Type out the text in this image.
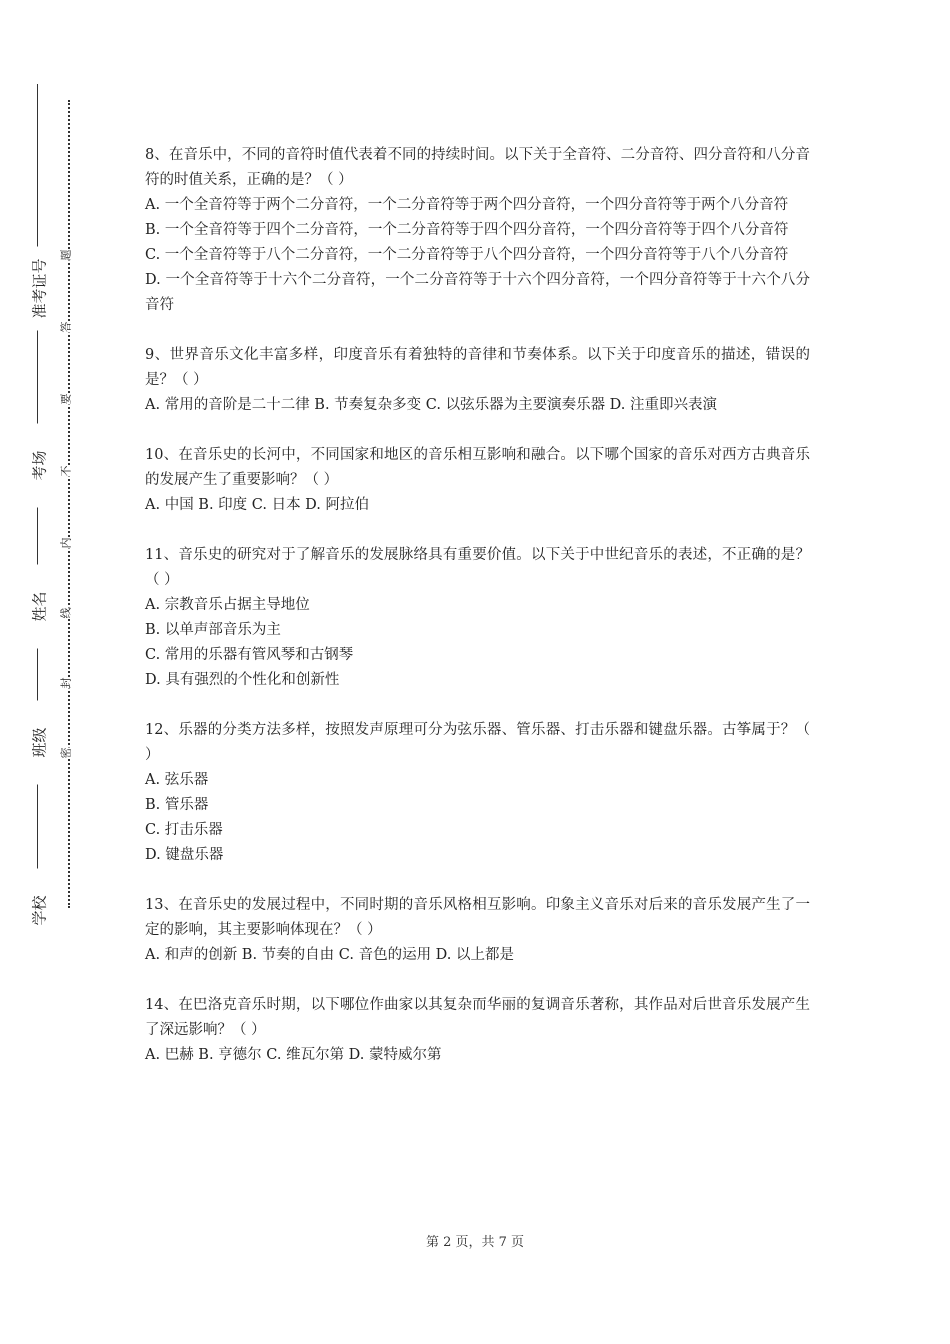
准考证号
考场
姓名
班级
学校
题
答
要
不
内
线
封
密

8、在音乐中，不同的音符时值代表着不同的持续时间。以下关于全音符、二分音符、四分音符和八分音符的时值关系，正确的是？（ ）

A. 一个全音符等于两个二分音符，一个二分音符等于两个四分音符，一个四分音符等于两个八分音符

B. 一个全音符等于四个二分音符，一个二分音符等于四个四分音符，一个四分音符等于四个八分音符

C. 一个全音符等于八个二分音符，一个二分音符等于八个四分音符，一个四分音符等于八个八分音符

D. 一个全音符等于十六个二分音符，一个二分音符等于十六个四分音符，一个四分音符等于十六个八分音符

9、世界音乐文化丰富多样，印度音乐有着独特的音律和节奏体系。以下关于印度音乐的描述，错误的是？（ ）

A. 常用的音阶是二十二律 B. 节奏复杂多变 C. 以弦乐器为主要演奏乐器 D. 注重即兴表演

10、在音乐史的长河中，不同国家和地区的音乐相互影响和融合。以下哪个国家的音乐对西方古典音乐的发展产生了重要影响？（ ）

A. 中国 B. 印度 C. 日本 D. 阿拉伯

11、音乐史的研究对于了解音乐的发展脉络具有重要价值。以下关于中世纪音乐的表述，不正确的是？（ ）

A. 宗教音乐占据主导地位

B. 以单声部音乐为主

C. 常用的乐器有管风琴和古钢琴

D. 具有强烈的个性化和创新性

12、乐器的分类方法多样，按照发声原理可分为弦乐器、管乐器、打击乐器和键盘乐器。古筝属于？（ ）

A. 弦乐器

B. 管乐器

C. 打击乐器

D. 键盘乐器

13、在音乐史的发展过程中，不同时期的音乐风格相互影响。印象主义音乐对后来的音乐发展产生了一定的影响，其主要影响体现在？（ ）

A. 和声的创新 B. 节奏的自由 C. 音色的运用 D. 以上都是

14、在巴洛克音乐时期，以下哪位作曲家以其复杂而华丽的复调音乐著称，其作品对后世音乐发展产生了深远影响？（ ）

A. 巴赫 B. 亨德尔 C. 维瓦尔第 D. 蒙特威尔第

第 2 页，共 7 页
